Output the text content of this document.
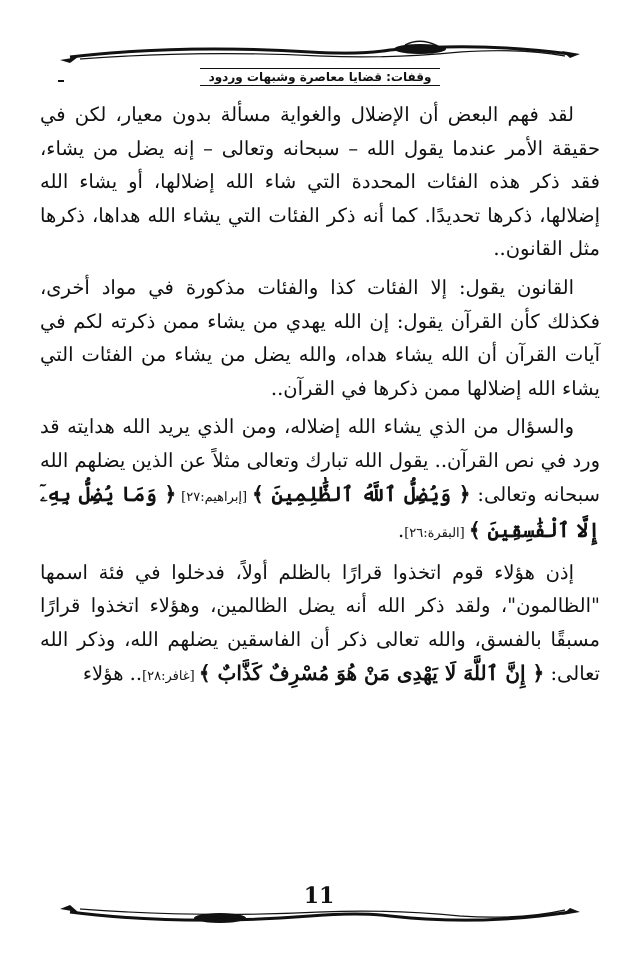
وقفات: قضايا معاصرة وشبهات وردود

لقد فهم البعض أن الإضلال والغواية مسألة بدون معيار، لكن في حقيقة الأمر عندما يقول الله – سبحانه وتعالى – إنه يضل من يشاء، فقد ذكر هذه الفئات المحددة التي شاء الله إضلالها، أو يشاء الله إضلالها، ذكرها تحديدًا. كما أنه ذكر الفئات التي يشاء الله هداها، ذكرها مثل القانون..

القانون يقول: إلا الفئات كذا والفئات مذكورة في مواد أخرى، فكذلك كأن القرآن يقول: إن الله يهدي من يشاء ممن ذكرته لكم في آيات القرآن أن الله يشاء هداه، والله يضل من يشاء من الفئات التي يشاء الله إضلالها ممن ذكرها في القرآن..

والسؤال من الذي يشاء الله إضلاله، ومن الذي يريد الله هدايته قد ورد في نص القرآن.. يقول الله تبارك وتعالى مثلاً عن الذين يضلهم الله سبحانه وتعالى: ﴿ وَيُضِلُّ ٱللَّهُ ٱلظَّٰلِمِينَ ﴾ [إبراهيم:٢٧] ﴿ وَمَا يُضِلُّ بِهِۦٓ إِلَّا ٱلْفَٰسِقِينَ ﴾ [البقرة:٢٦].

إذن هؤلاء قوم اتخذوا قرارًا بالظلم أولاً، فدخلوا في فئة اسمها "الظالمون"، ولقد ذكر الله أنه يضل الظالمين، وهؤلاء اتخذوا قرارًا مسبقًا بالفسق، والله تعالى ذكر أن الفاسقين يضلهم الله، وذكر الله تعالى: ﴿ إِنَّ ٱللَّهَ لَا يَهْدِى مَنْ هُوَ مُسْرِفٌ كَذَّابٌ ﴾ [غافر:٢٨].. هؤلاء

11
